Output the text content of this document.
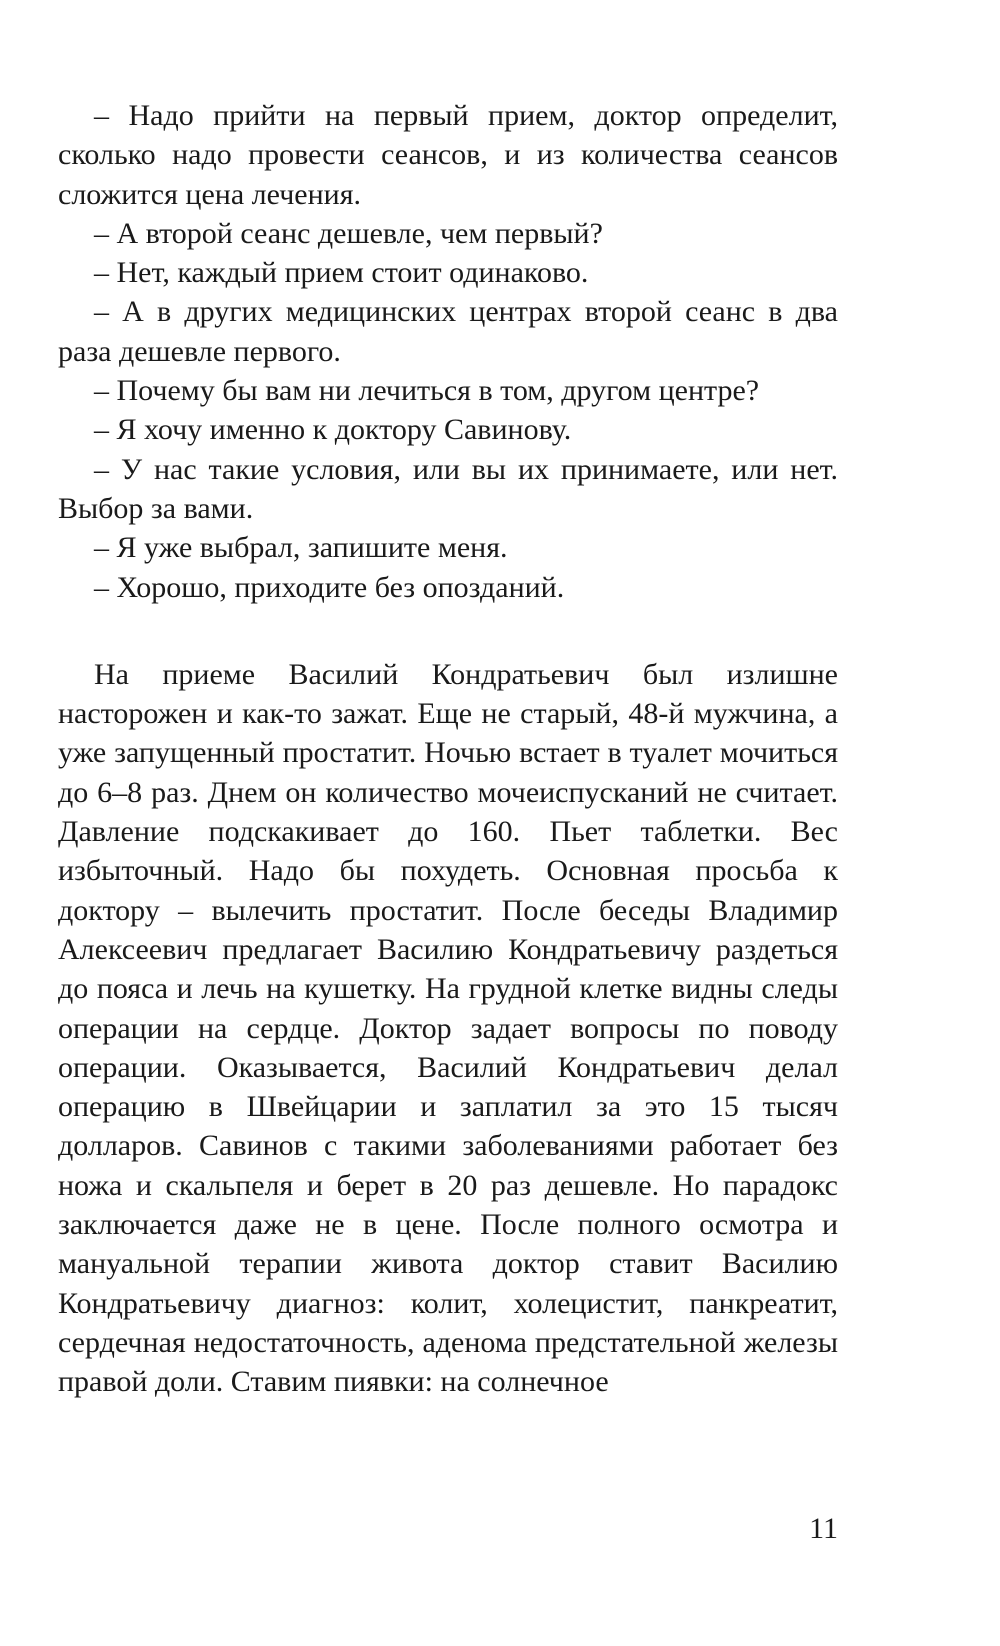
– Надо прийти на первый прием, доктор определит, сколько надо провести сеансов, и из количества сеансов сложится цена лечения.

– А второй сеанс дешевле, чем первый?

– Нет, каждый прием стоит одинаково.

– А в других медицинских центрах второй сеанс в два раза дешевле первого.

– Почему бы вам ни лечиться в том, другом центре?

– Я хочу именно к доктору Савинову.

– У нас такие условия, или вы их принимаете, или нет. Выбор за вами.

– Я уже выбрал, запишите меня.

– Хорошо, приходите без опозданий.

На приеме Василий Кондратьевич был излишне насторожен и как-то зажат. Еще не старый, 48-й мужчина, а уже запущенный простатит. Ночью встает в туалет мочиться до 6–8 раз. Днем он количество мочеиспусканий не считает. Давление подскакивает до 160. Пьет таблетки. Вес избыточный. Надо бы похудеть. Основная просьба к доктору – вылечить простатит. После беседы Владимир Алексеевич предлагает Василию Кондратьевичу раздеться до пояса и лечь на кушетку. На грудной клетке видны следы операции на сердце. Доктор задает вопросы по поводу операции. Оказывается, Василий Кондратьевич делал операцию в Швейцарии и заплатил за это 15 тысяч долларов. Савинов с такими заболеваниями работает без ножа и скальпеля и берет в 20 раз дешевле. Но парадокс заключается даже не в цене. После полного осмотра и мануальной терапии живота доктор ставит Василию Кондратьевичу диагноз: колит, холецистит, панкреатит, сердечная недостаточность, аденома предстательной железы правой доли. Ставим пиявки: на солнечное

11
